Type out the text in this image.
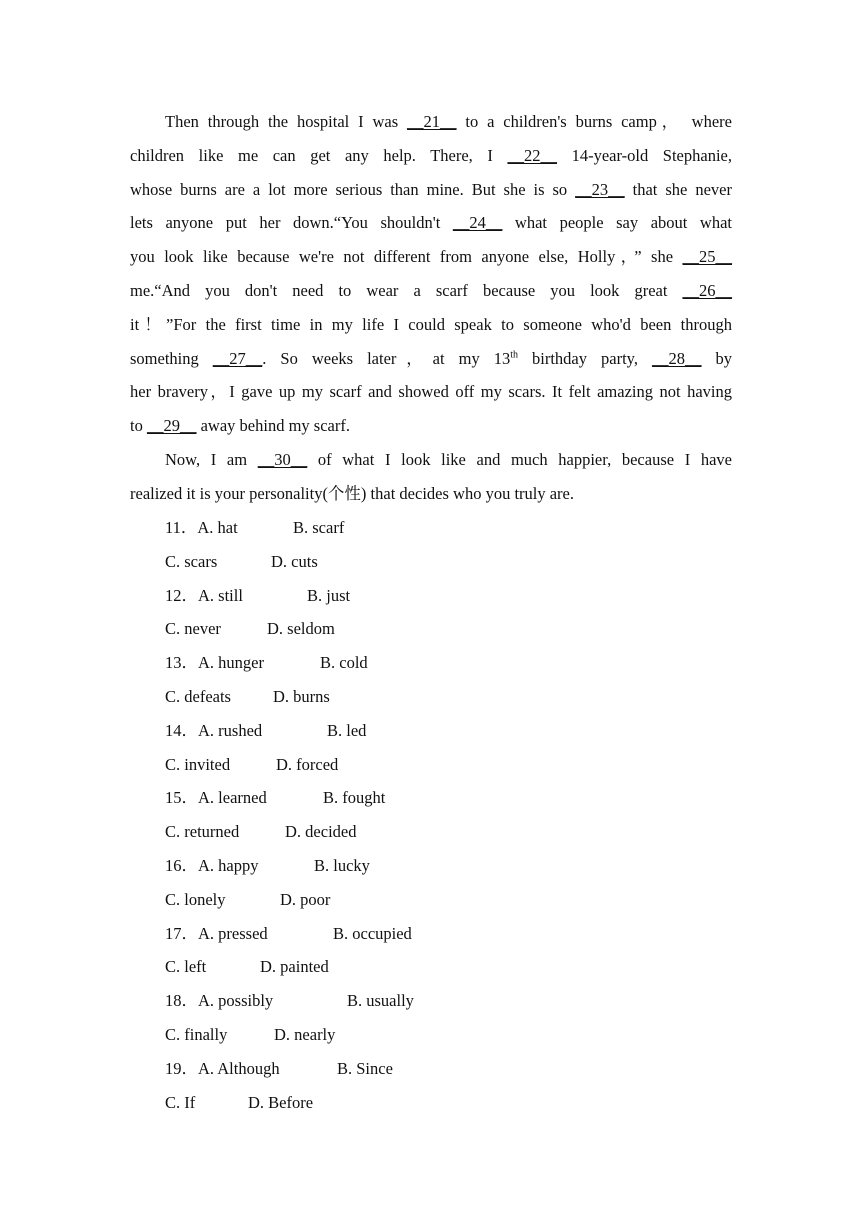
Then through the hospital I was __21__ to a children's burns camp， where
children like me can get any help. There, I __22__ 14-year-old Stephanie,
whose burns are a lot more serious than mine. But she is so __23__ that she never
lets anyone put her down.“You shouldn't __24__ what people say about what
you look like because we're not different from anyone else, Holly，” she __25__
me.“And you don't need to wear a scarf because you look great __26__
it！”For the first time in my life I could speak to someone who'd been through
something __27__. So weeks later，at my 13th birthday party, __28__ by
her bravery，I gave up my scarf and showed off my scars. It felt amazing not having
to __29__ away behind my scarf.
Now, I am __30__ of what I look like and much happier, because I have
realized it is your personality(个性) that decides who you truly are.
11．A. hat	B. scarf
C. scars	D. cuts
12．A. still	B. just
C. never	D. seldom
13．A. hunger	B. cold
C. defeats	D. burns
14．A. rushed	B. led
C. invited	D. forced
15．A. learned	B. fought
C. returned	D. decided
16．A. happy	B. lucky
C. lonely	D. poor
17．A. pressed	B. occupied
C. left	D. painted
18．A. possibly	B. usually
C. finally	D. nearly
19．A. Although	B. Since
C. If	D. Before
